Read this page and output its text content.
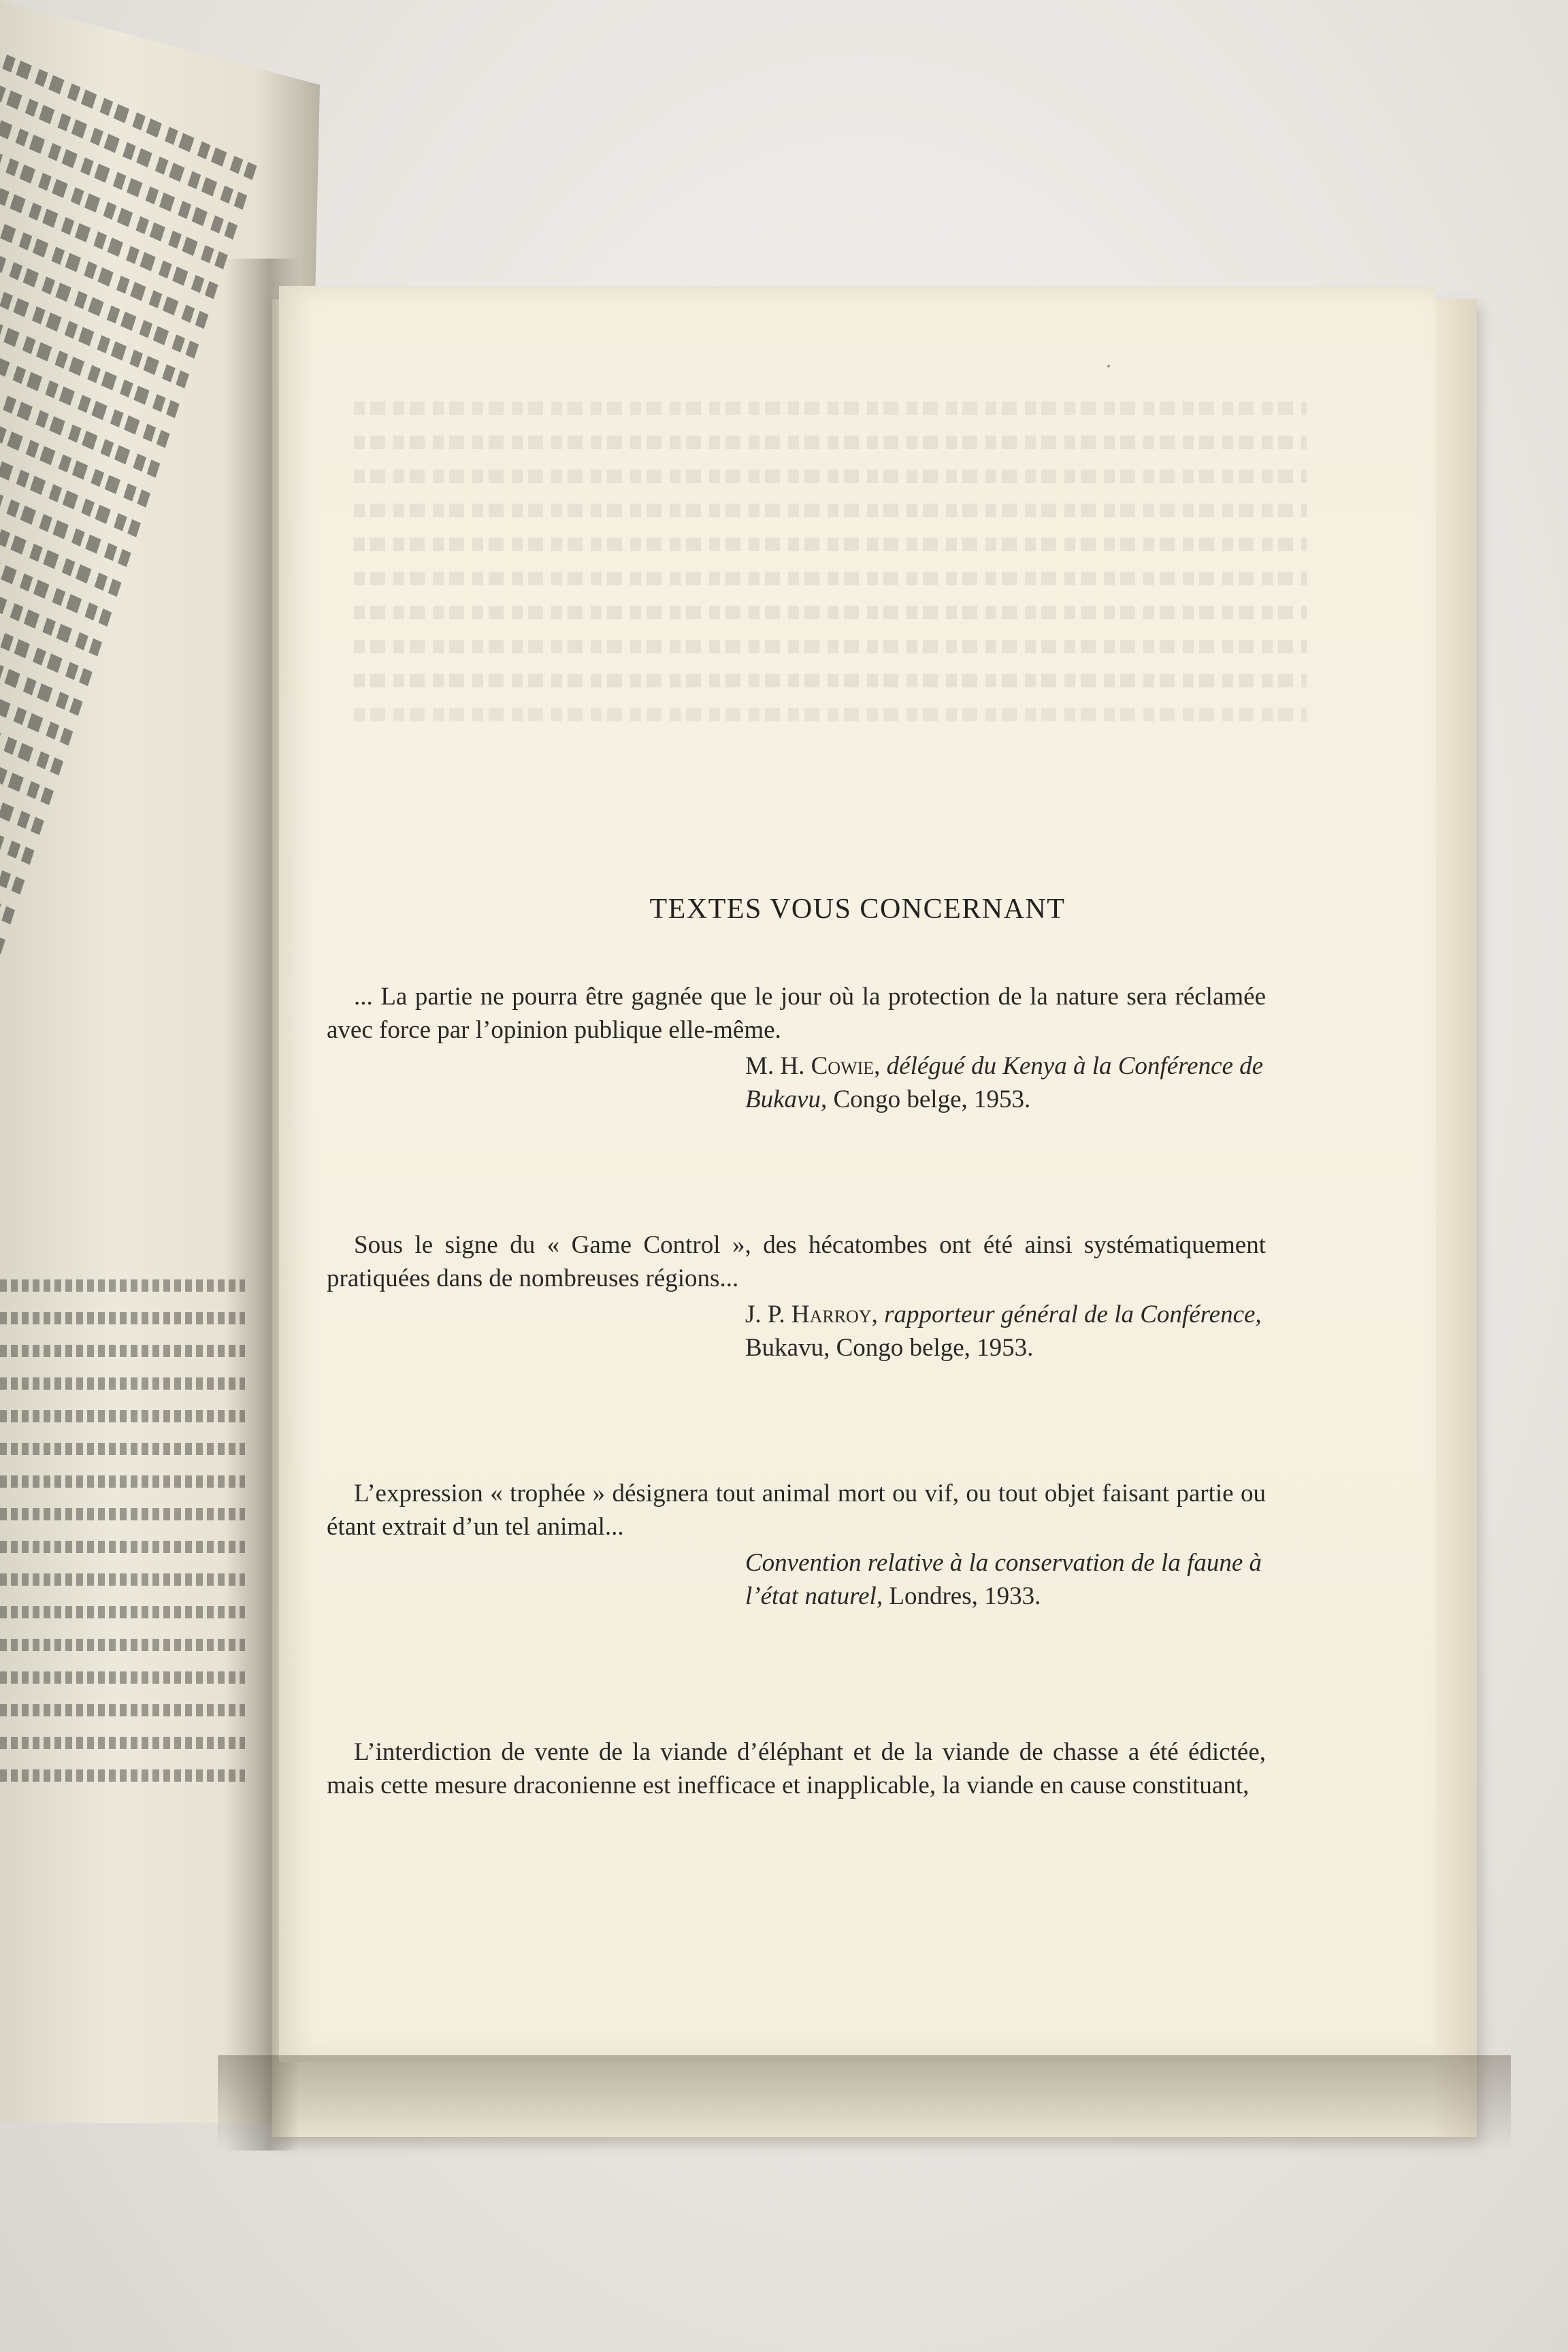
TEXTES VOUS CONCERNANT

... La partie ne pourra être gagnée que le jour où la protection de la nature sera réclamée avec force par l’opinion publique elle-même.

M. H. Cowie, délégué du Kenya à la Conférence de Bukavu, Congo belge, 1953.

Sous le signe du « Game Control », des hécatombes ont été ainsi systématiquement pratiquées dans de nombreuses régions...

J. P. Harroy, rapporteur général de la Conférence, Bukavu, Congo belge, 1953.

L’expression « trophée » désignera tout animal mort ou vif, ou tout objet faisant partie ou étant extrait d’un tel animal...

Convention relative à la conservation de la faune à l’état naturel, Londres, 1933.

L’interdiction de vente de la viande d’éléphant et de la viande de chasse a été édictée, mais cette mesure draconienne est inefficace et inapplicable, la viande en cause constituant,
